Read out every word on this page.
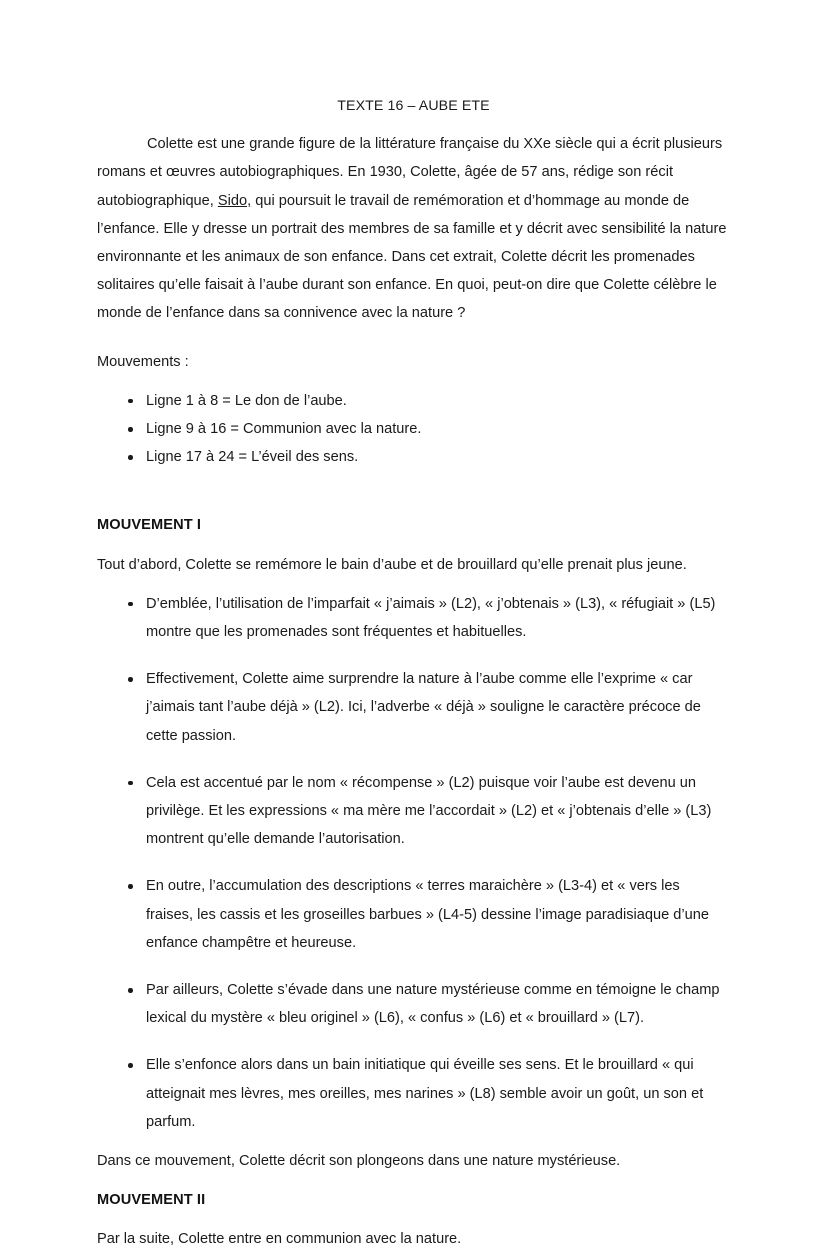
TEXTE 16 – AUBE ETE

Colette est une grande figure de la littérature française du XXe siècle qui a écrit plusieurs romans et œuvres autobiographiques. En 1930, Colette, âgée de 57 ans, rédige son récit autobiographique, Sido, qui poursuit le travail de remémoration et d’hommage au monde de l’enfance. Elle y dresse un portrait des membres de sa famille et y décrit avec sensibilité la nature environnante et les animaux de son enfance. Dans cet extrait, Colette décrit les promenades solitaires qu’elle faisait à l’aube durant son enfance. En quoi, peut-on dire que Colette célèbre le monde de l’enfance dans sa connivence avec la nature ?

Mouvements :

Ligne 1 à 8 = Le don de l’aube.
Ligne 9 à 16 = Communion avec la nature.
Ligne 17 à 24 = L’éveil des sens.
MOUVEMENT I

Tout d’abord, Colette se remémore le bain d’aube et de brouillard qu’elle prenait plus jeune.

D’emblée, l’utilisation de l’imparfait « j’aimais » (L2), « j’obtenais » (L3), « réfugiait » (L5) montre que les promenades sont fréquentes et habituelles.
Effectivement, Colette aime surprendre la nature à l’aube comme elle l’exprime « car j’aimais tant l’aube déjà » (L2). Ici, l’adverbe « déjà » souligne le caractère précoce de cette passion.
Cela est accentué par le nom « récompense » (L2) puisque voir l’aube est devenu un privilège. Et les expressions « ma mère me l’accordait » (L2) et « j’obtenais d’elle » (L3) montrent qu’elle demande l’autorisation.
En outre, l’accumulation des descriptions « terres maraichère » (L3-4) et « vers les fraises, les cassis et les groseilles barbues » (L4-5) dessine l’image paradisiaque d’une enfance champêtre et heureuse.
Par ailleurs, Colette s’évade dans une nature mystérieuse comme en témoigne le champ lexical du mystère « bleu originel » (L6), « confus » (L6) et « brouillard » (L7).
Elle s’enfonce alors dans un bain initiatique qui éveille ses sens. Et le brouillard « qui atteignait mes lèvres, mes oreilles, mes narines » (L8) semble avoir un goût, un son et parfum.

Dans ce mouvement, Colette décrit son plongeons dans une nature mystérieuse.

MOUVEMENT II

Par la suite, Colette entre en communion avec la nature.
